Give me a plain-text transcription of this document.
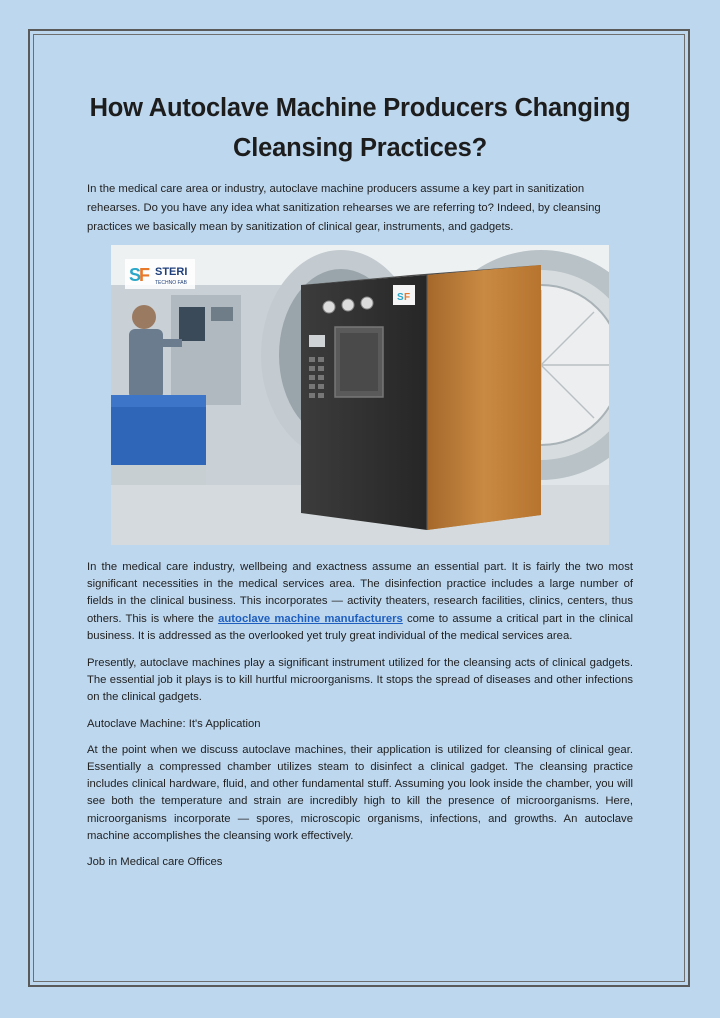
How Autoclave Machine Producers Changing Cleansing Practices?

In the medical care area or industry, autoclave machine producers assume a key part in sanitization rehearses. Do you have any idea what sanitization rehearses we are referring to? Indeed, by cleansing practices we basically mean by sanitization of clinical gear, instruments, and gadgets.

S
F STERI
TECHNO FAB
S F

In the medical care industry, wellbeing and exactness assume an essential part. It is fairly the two most significant necessities in the medical services area. The disinfection practice includes a large number of fields in the clinical business. This incorporates — activity theaters, research facilities, clinics, centers, thus others. This is where the autoclave machine manufacturers come to assume a critical part in the clinical business. It is addressed as the overlooked yet truly great individual of the medical services area.

Presently, autoclave machines play a significant instrument utilized for the cleansing acts of clinical gadgets. The essential job it plays is to kill hurtful microorganisms. It stops the spread of diseases and other infections on the clinical gadgets.

Autoclave Machine: It's Application

At the point when we discuss autoclave machines, their application is utilized for cleansing of clinical gear. Essentially a compressed chamber utilizes steam to disinfect a clinical gadget. The cleansing practice includes clinical hardware, fluid, and other fundamental stuff. Assuming you look inside the chamber, you will see both the temperature and strain are incredibly high to kill the presence of microorganisms. Here, microorganisms incorporate — spores, microscopic organisms, infections, and growths. An autoclave machine accomplishes the cleansing work effectively.

Job in Medical care Offices
